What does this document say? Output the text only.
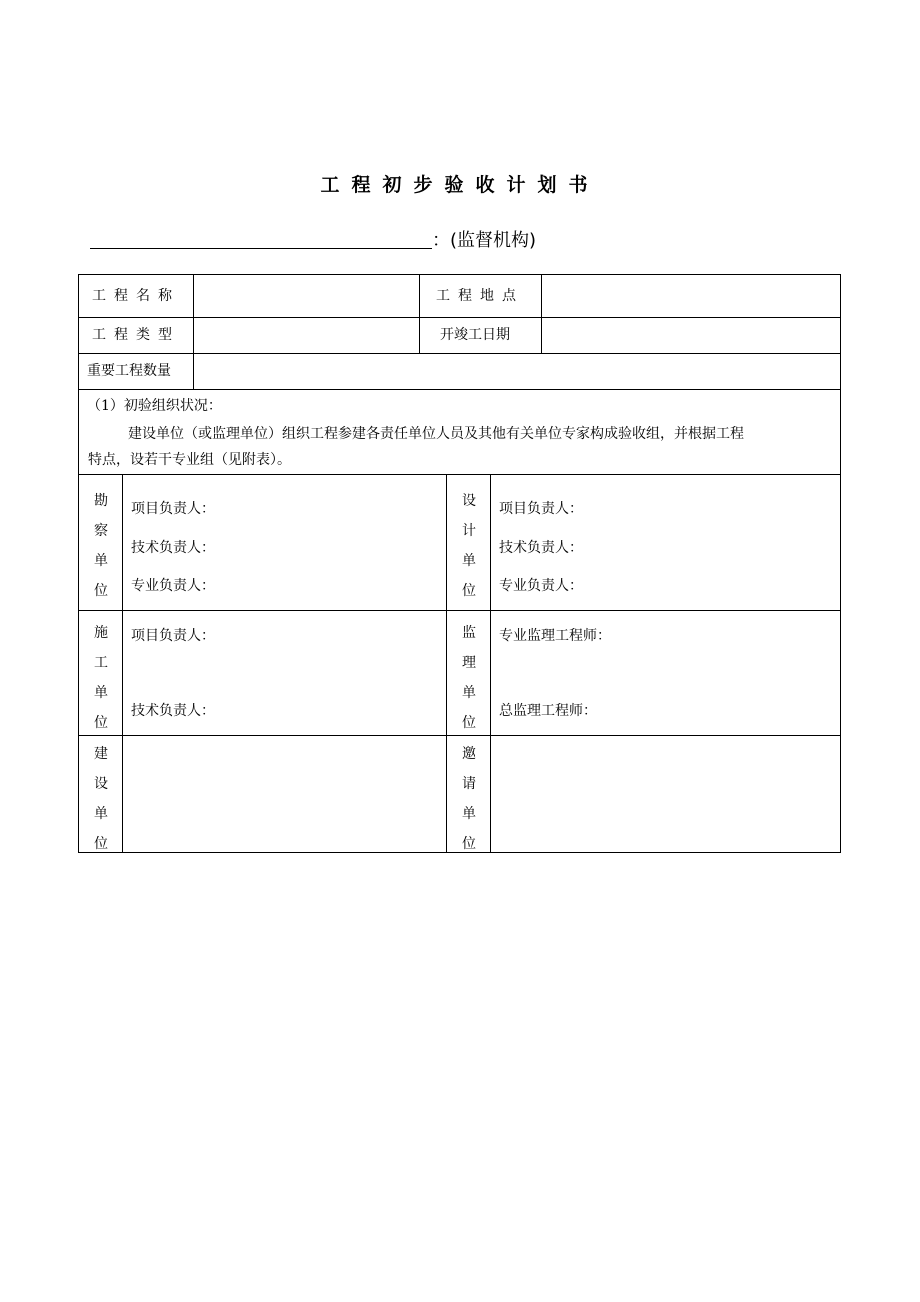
工程初步验收计划书
：(监督机构)
工程名称	工程地点
工程类型	开竣工日期
重要工程数量
（1）初验组织状况：
建设单位（或监理单位）组织工程参建各责任单位人员及其他有关单位专家构成验收组，并根据工程
特点，设若干专业组（见附表）。
勘
察
单
位
项目负责人：
技术负责人：
专业负责人：
设
计
单
位
项目负责人：
技术负责人：
专业负责人：
施
工
单
位
项目负责人：
技术负责人：
监
理
单
位
专业监理工程师：
总监理工程师：
建
设
单
位
邀
请
单
位
